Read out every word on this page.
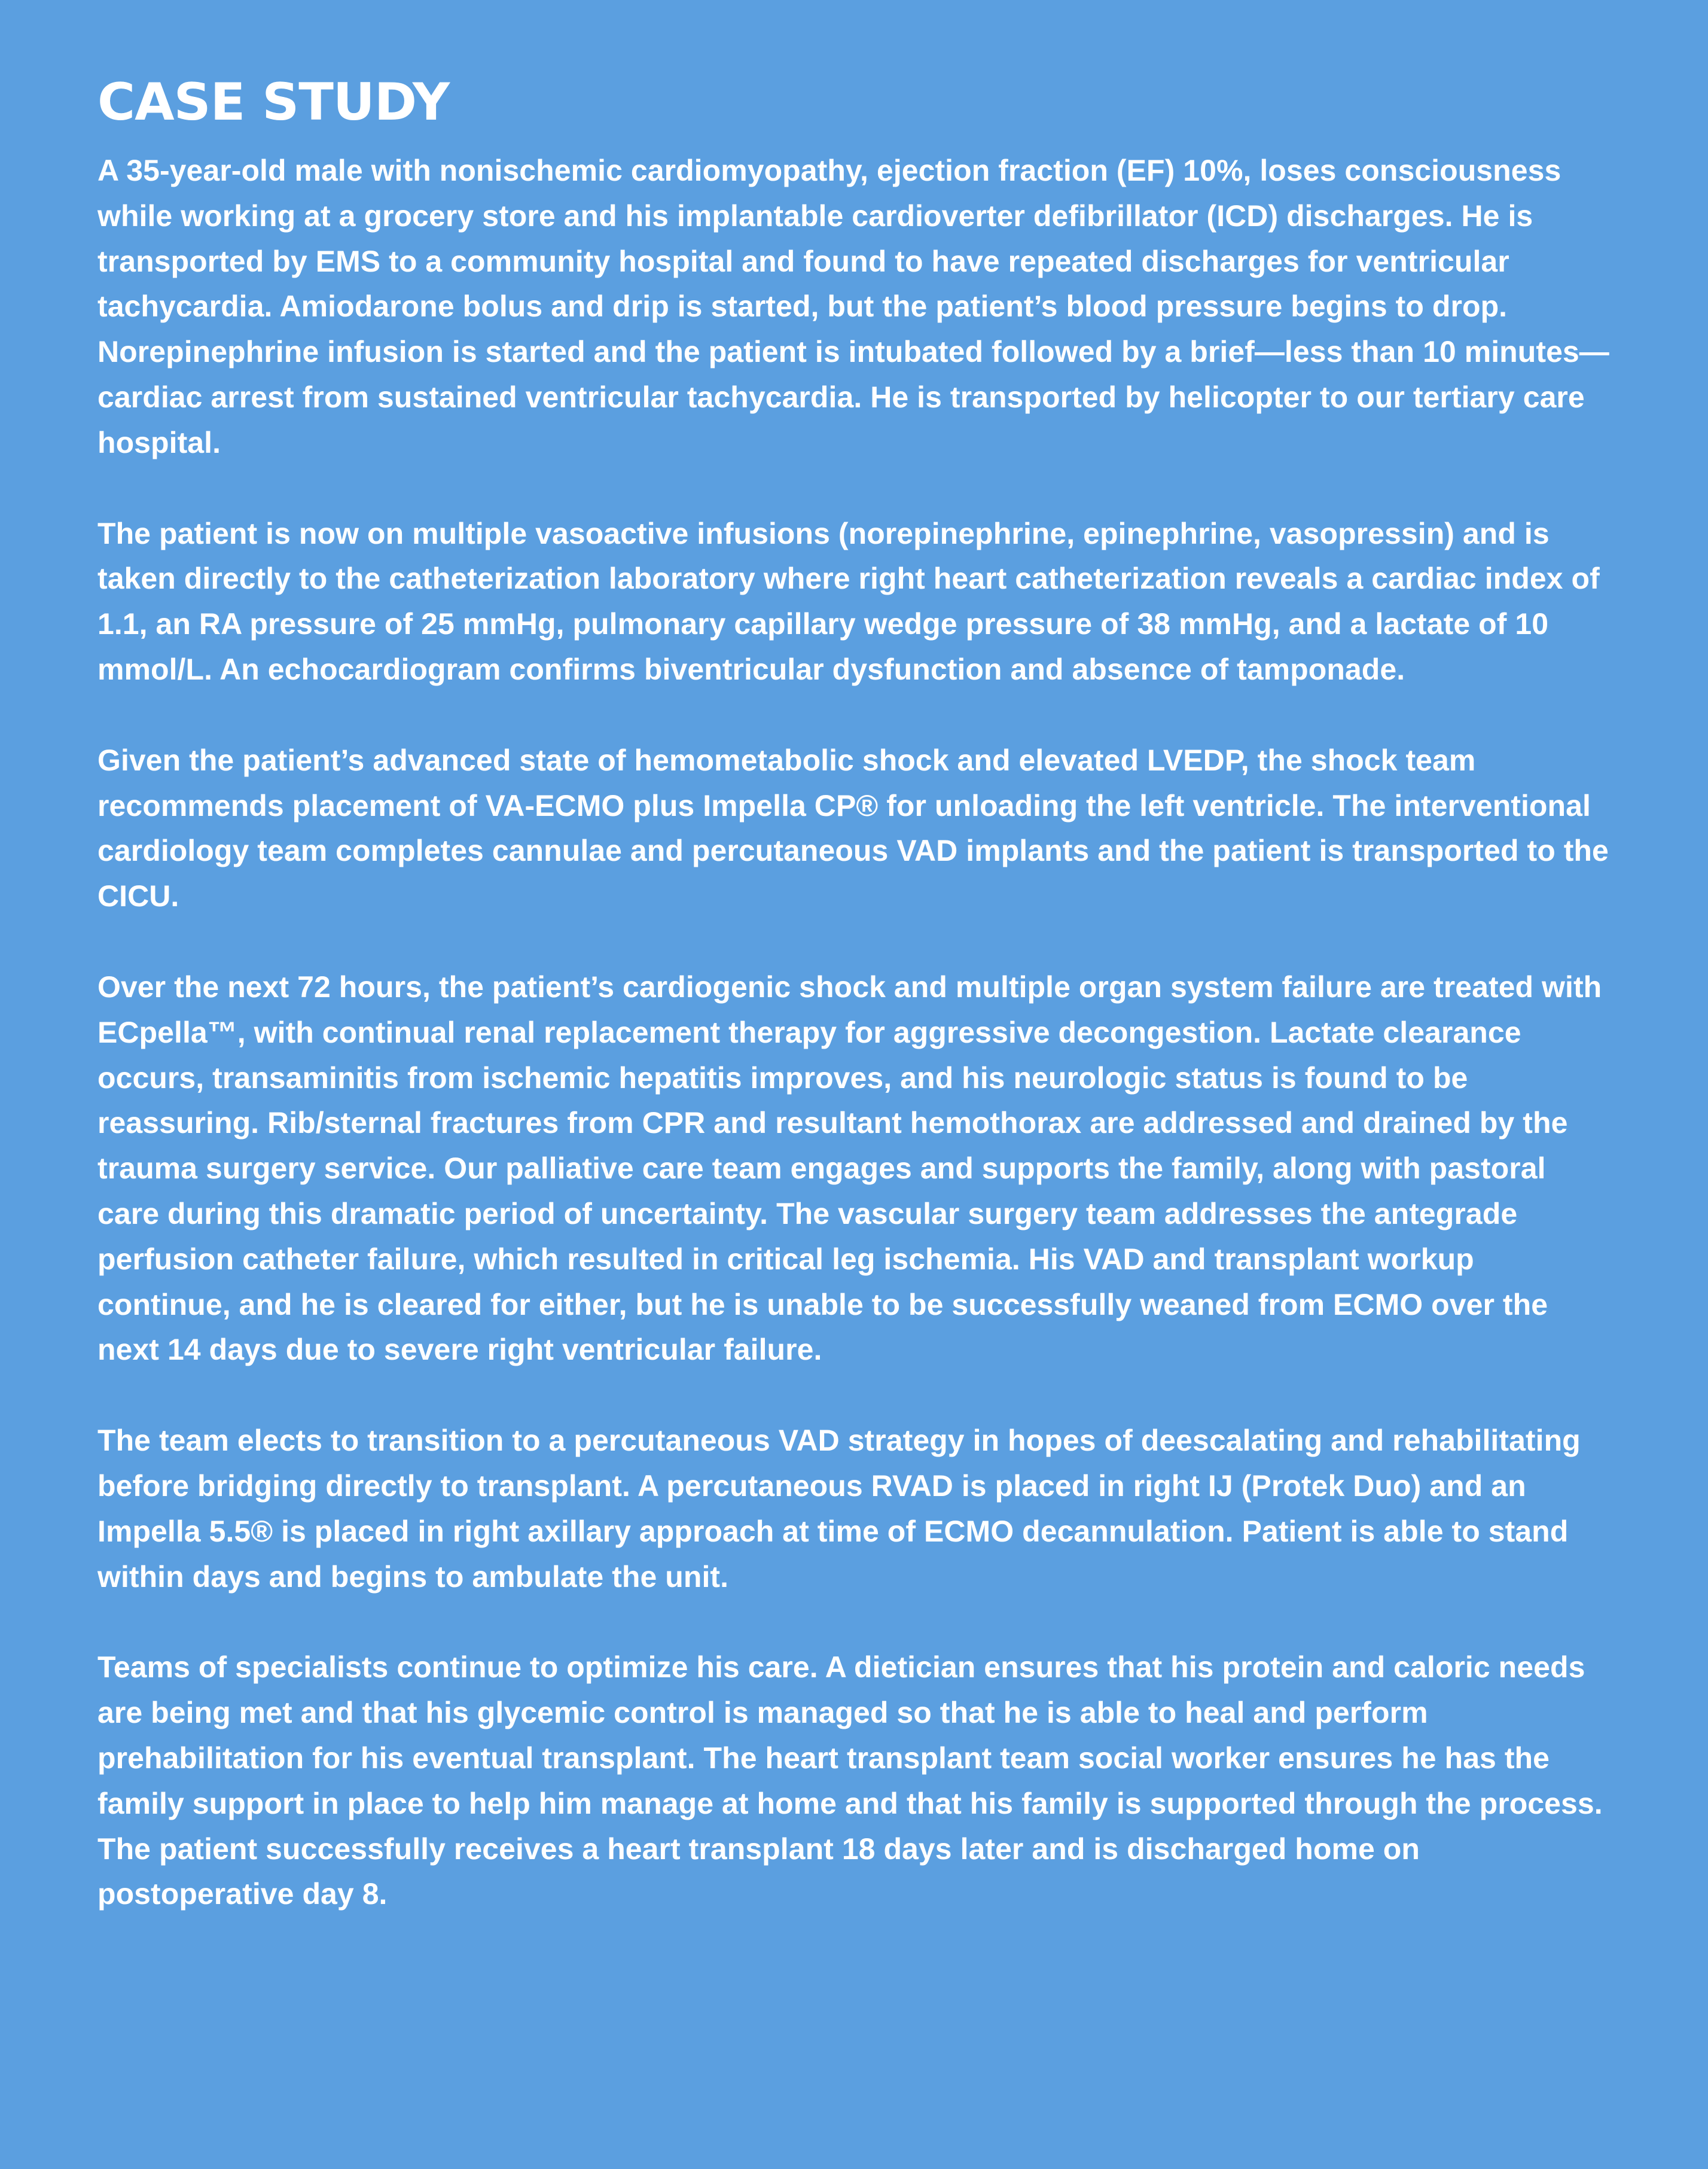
CASE STUDY

A 35-year-old male with nonischemic cardiomyopathy, ejection fraction (EF) 10%, loses consciousness while working at a grocery store and his implantable cardioverter defibrillator (ICD) discharges. He is transported by EMS to a community hospital and found to have repeated discharges for ventricular tachycardia. Amiodarone bolus and drip is started, but the patient’s blood pressure begins to drop. Norepinephrine infusion is started and the patient is intubated followed by a brief—less than 10 minutes—cardiac arrest from sustained ventricular tachycardia. He is transported by helicopter to our tertiary care hospital.

The patient is now on multiple vasoactive infusions (norepinephrine, epinephrine, vasopressin) and is taken directly to the catheterization laboratory where right heart catheterization reveals a cardiac index of 1.1, an RA pressure of 25 mmHg, pulmonary capillary wedge pressure of 38 mmHg, and a lactate of 10 mmol/L. An echocardiogram confirms biventricular dysfunction and absence of tamponade.

Given the patient’s advanced state of hemometabolic shock and elevated LVEDP, the shock team recommends placement of VA-ECMO plus Impella CP® for unloading the left ventricle. The interventional cardiology team completes cannulae and percutaneous VAD implants and the patient is transported to the CICU.

Over the next 72 hours, the patient’s cardiogenic shock and multiple organ system failure are treated with ECpella™, with continual renal replacement therapy for aggressive decongestion. Lactate clearance occurs, transaminitis from ischemic hepatitis improves, and his neurologic status is found to be reassuring. Rib/sternal fractures from CPR and resultant hemothorax are addressed and drained by the trauma surgery service. Our palliative care team engages and supports the family, along with pastoral care during this dramatic period of uncertainty. The vascular surgery team addresses the antegrade perfusion catheter failure, which resulted in critical leg ischemia. His VAD and transplant workup continue, and he is cleared for either, but he is unable to be successfully weaned from ECMO over the next 14 days due to severe right ventricular failure.

The team elects to transition to a percutaneous VAD strategy in hopes of deescalating and rehabilitating before bridging directly to transplant. A percutaneous RVAD is placed in right IJ (Protek Duo) and an Impella 5.5® is placed in right axillary approach at time of ECMO decannulation. Patient is able to stand within days and begins to ambulate the unit.

Teams of specialists continue to optimize his care. A dietician ensures that his protein and caloric needs are being met and that his glycemic control is managed so that he is able to heal and perform prehabilitation for his eventual transplant. The heart transplant team social worker ensures he has the family support in place to help him manage at home and that his family is supported through the process. The patient successfully receives a heart transplant 18 days later and is discharged home on postoperative day 8.
